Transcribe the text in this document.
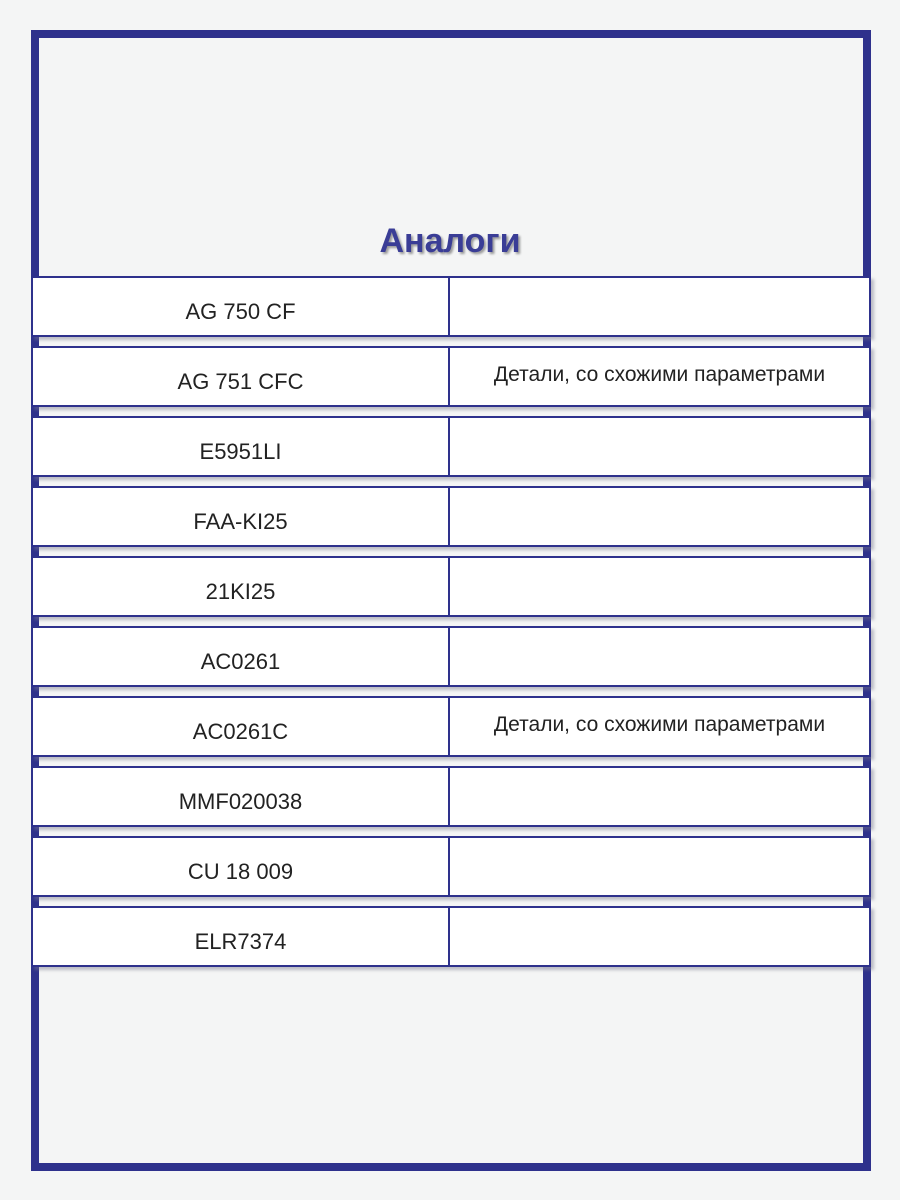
Аналоги
AG 750 CF
AG 751 CFC	Детали, со схожими параметрами
E5951LI
FAA-KI25
21KI25
AC0261
AC0261C	Детали, со схожими параметрами
MMF020038
CU 18 009
ELR7374
